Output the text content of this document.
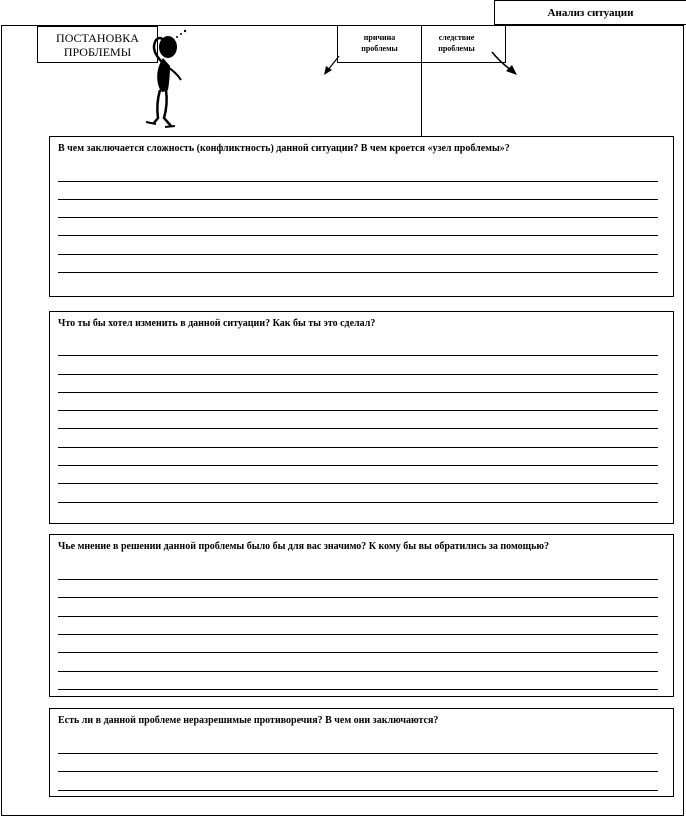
Анализ ситуации
ПОСТАНОВКА
ПРОБЛЕМЫ
причина
проблемы
следствие
проблемы
В чем заключается сложность (конфликтность) данной ситуации? В чем кроется «узел проблемы»?
Что ты бы хотел изменить в данной ситуации? Как бы ты это сделал?
Чье мнение в решении данной проблемы было бы для вас значимо? К кому бы вы обратились за помощью?
Есть ли в данной проблеме неразрешимые противоречия? В чем они заключаются?
